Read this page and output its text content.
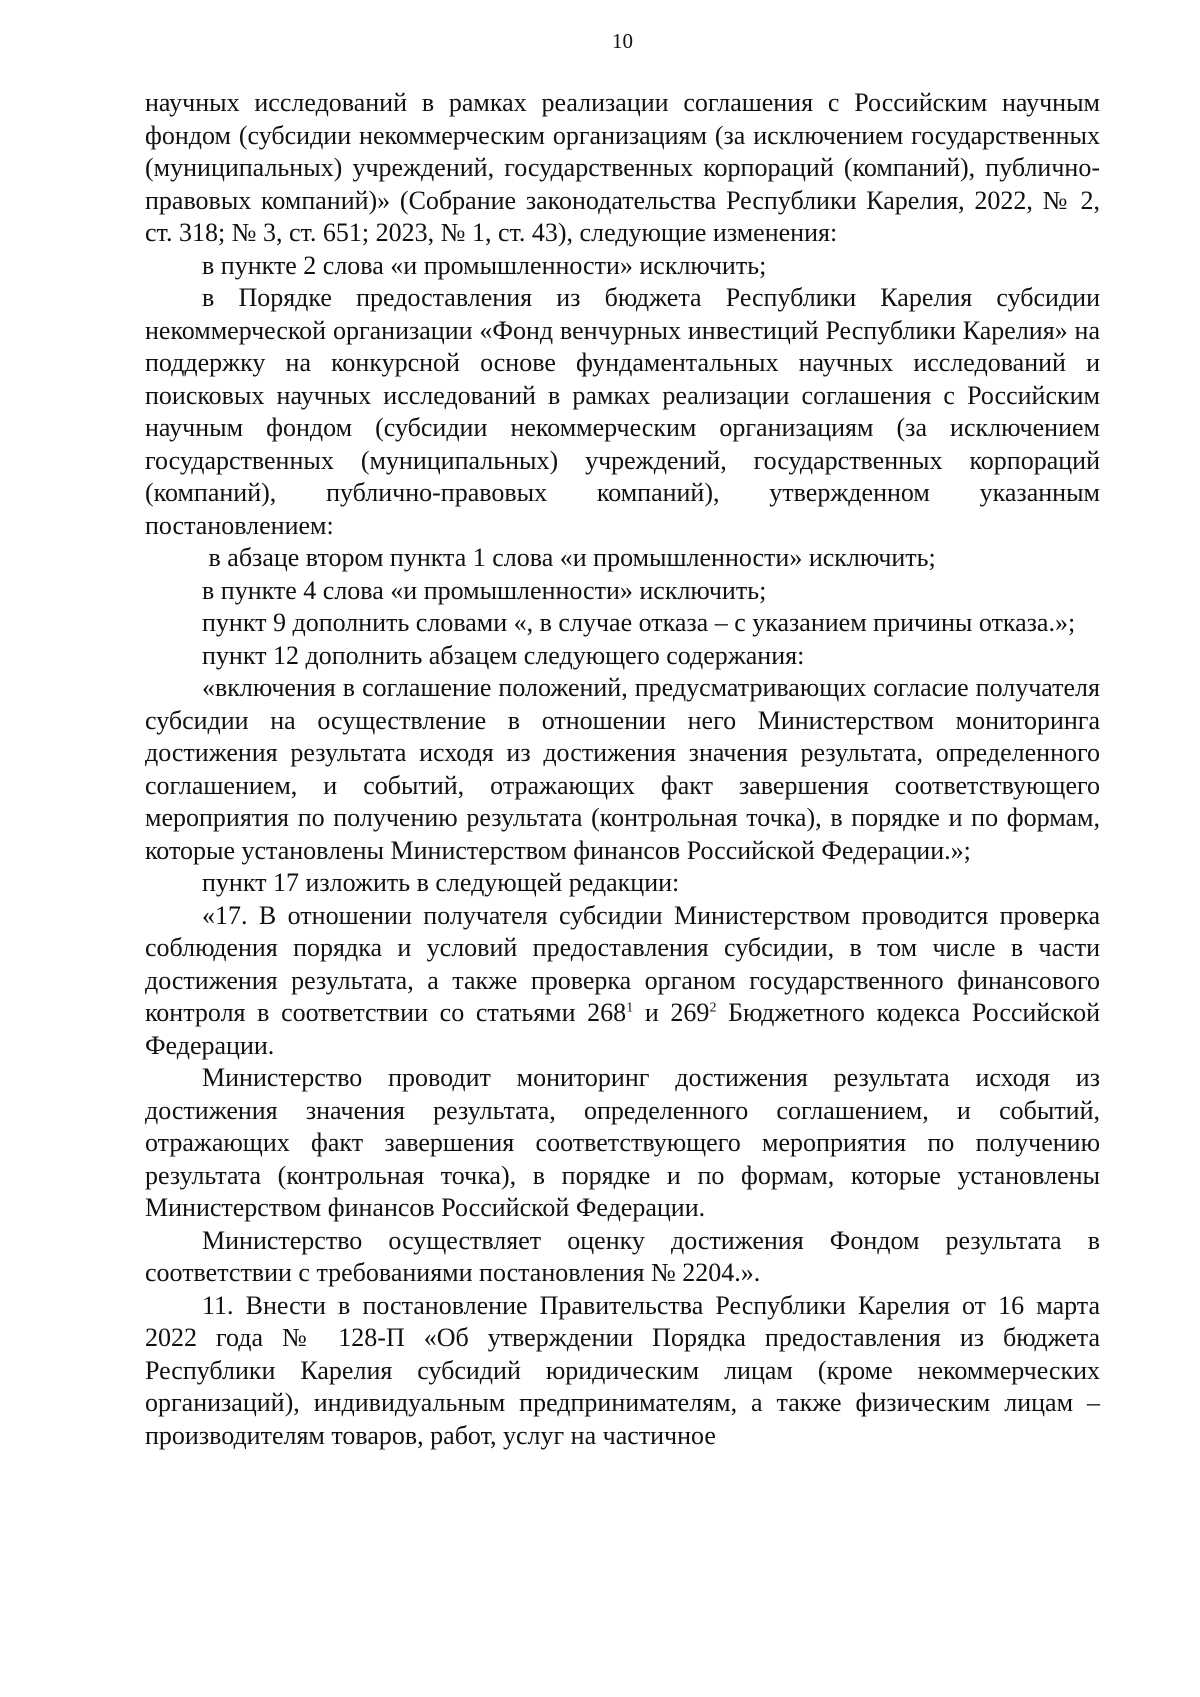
10

научных исследований в рамках реализации соглашения с Российским научным фондом (субсидии некоммерческим организациям (за исключением государственных (муниципальных) учреждений, государственных корпораций (компаний), публично-правовых компаний)» (Собрание законодательства Республики Карелия, 2022, № 2, ст. 318; № 3, ст. 651; 2023, № 1, ст. 43), следующие изменения:

в пункте 2 слова «и промышленности» исключить;

в Порядке предоставления из бюджета Республики Карелия субсидии некоммерческой организации «Фонд венчурных инвестиций Республики Карелия» на поддержку на конкурсной основе фундаментальных научных исследований и поисковых научных исследований в рамках реализации соглашения с Российским научным фондом (субсидии некоммерческим организациям (за исключением государственных (муниципальных) учреждений, государственных корпораций (компаний), публично-правовых компаний), утвержденном указанным постановлением:

в абзаце втором пункта 1 слова «и промышленности» исключить;

в пункте 4 слова «и промышленности» исключить;

пункт 9 дополнить словами «, в случае отказа – с указанием причины отказа.»;

пункт 12 дополнить абзацем следующего содержания:

«включения в соглашение положений, предусматривающих согласие получателя субсидии на осуществление в отношении него Министерством мониторинга достижения результата исходя из достижения значения результата, определенного соглашением, и событий, отражающих факт завершения соответствующего мероприятия по получению результата (контрольная точка), в порядке и по формам, которые установлены Министерством финансов Российской Федерации.»;

пункт 17 изложить в следующей редакции:

«17. В отношении получателя субсидии Министерством проводится проверка соблюдения порядка и условий предоставления субсидии, в том числе в части достижения результата, а также проверка органом государственного финансового контроля в соответствии со статьями $268^1$ и $269^2$ Бюджетного кодекса Российской Федерации.

Министерство проводит мониторинг достижения результата исходя из достижения значения результата, определенного соглашением, и событий, отражающих факт завершения соответствующего мероприятия по получению результата (контрольная точка), в порядке и по формам, которые установлены Министерством финансов Российской Федерации.

Министерство осуществляет оценку достижения Фондом результата в соответствии с требованиями постановления № 2204.».

11. Внести в постановление Правительства Республики Карелия от 16 марта 2022 года № 128-П «Об утверждении Порядка предоставления из бюджета Республики Карелия субсидий юридическим лицам (кроме некоммерческих организаций), индивидуальным предпринимателям, а также физическим лицам – производителям товаров, работ, услуг на частичное
